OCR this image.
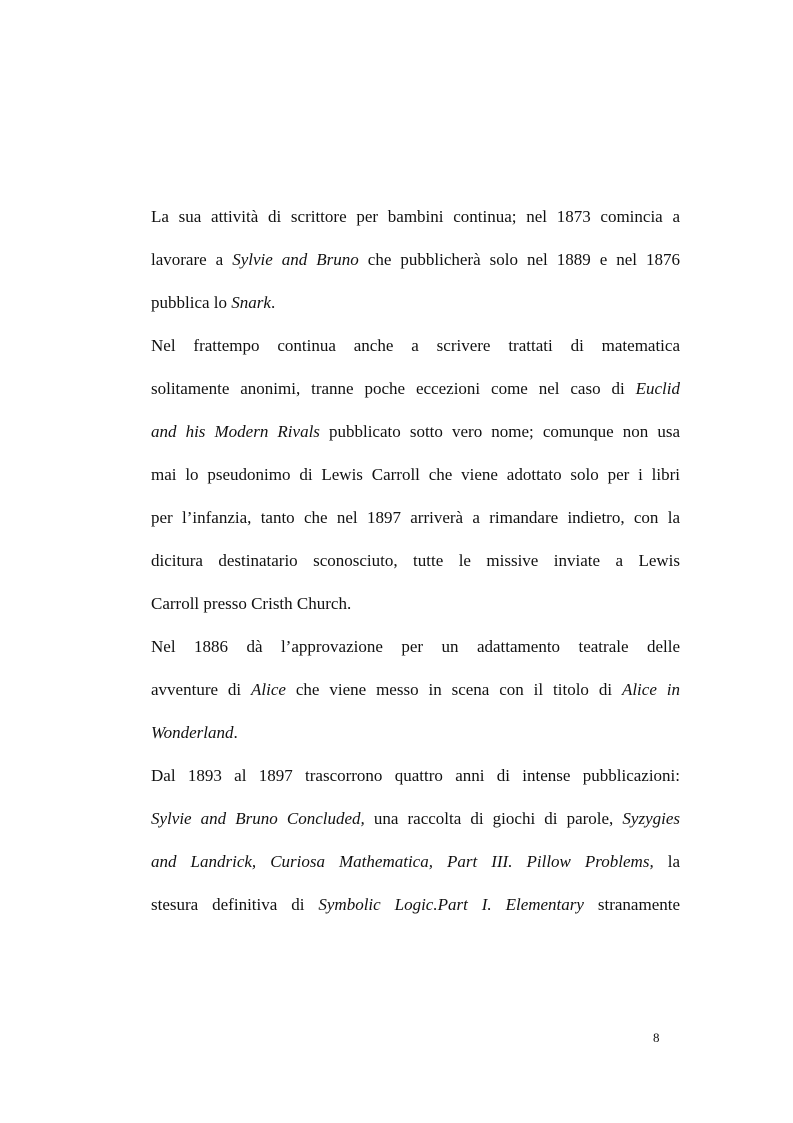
La sua attività di scrittore per bambini continua; nel 1873 comincia a
lavorare a Sylvie and Bruno che pubblicherà solo nel 1889 e nel 1876
pubblica lo Snark.
Nel frattempo continua anche a scrivere trattati di matematica
solitamente anonimi, tranne poche eccezioni come nel caso di Euclid
and his Modern Rivals pubblicato sotto vero nome; comunque non usa
mai lo pseudonimo di Lewis Carroll che viene adottato solo per i libri
per l’infanzia, tanto che nel 1897 arriverà a rimandare indietro, con la
dicitura destinatario sconosciuto, tutte le missive inviate a Lewis
Carroll presso Cristh Church.
Nel 1886 dà l’approvazione per un adattamento teatrale delle
avventure di Alice che viene messo in scena con il titolo di Alice in
Wonderland.
Dal 1893 al 1897 trascorrono quattro anni di intense pubblicazioni:
Sylvie and Bruno Concluded, una raccolta di giochi di parole, Syzygies
and Landrick, Curiosa Mathematica, Part III. Pillow Problems, la
stesura definitiva di Symbolic Logic.Part I. Elementary stranamente
8
